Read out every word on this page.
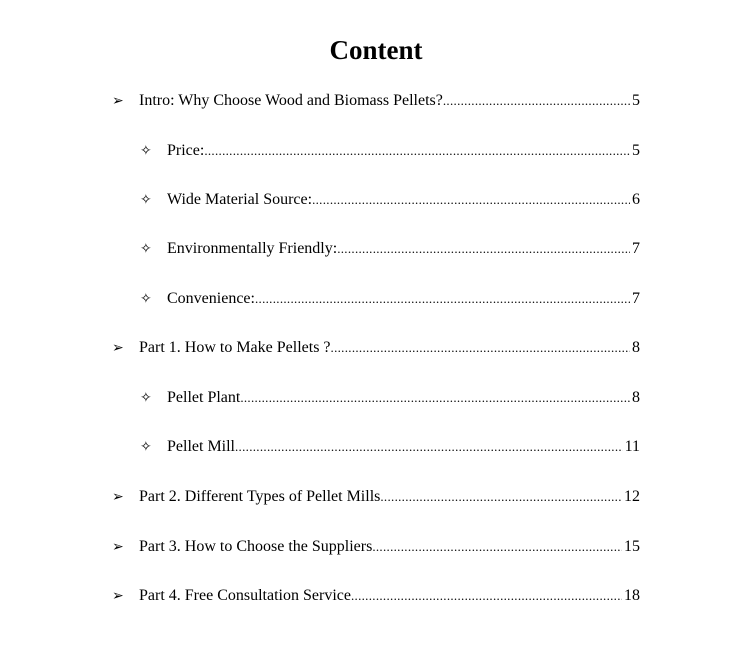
Content
➢ Intro: Why Choose Wood and Biomass Pellets? .....	5
✧ Price: .....	5
✧ Wide Material Source: .....	6
✧ Environmentally Friendly: .....	7
✧ Convenience: .....	7
➢ Part 1. How to Make Pellets ? .....	8
✧ Pellet Plant .....	8
✧ Pellet Mill .....	11
➢ Part 2. Different Types of Pellet Mills .....	12
➢ Part 3. How to Choose the Suppliers .....	15
➢ Part 4. Free Consultation Service .....	18
